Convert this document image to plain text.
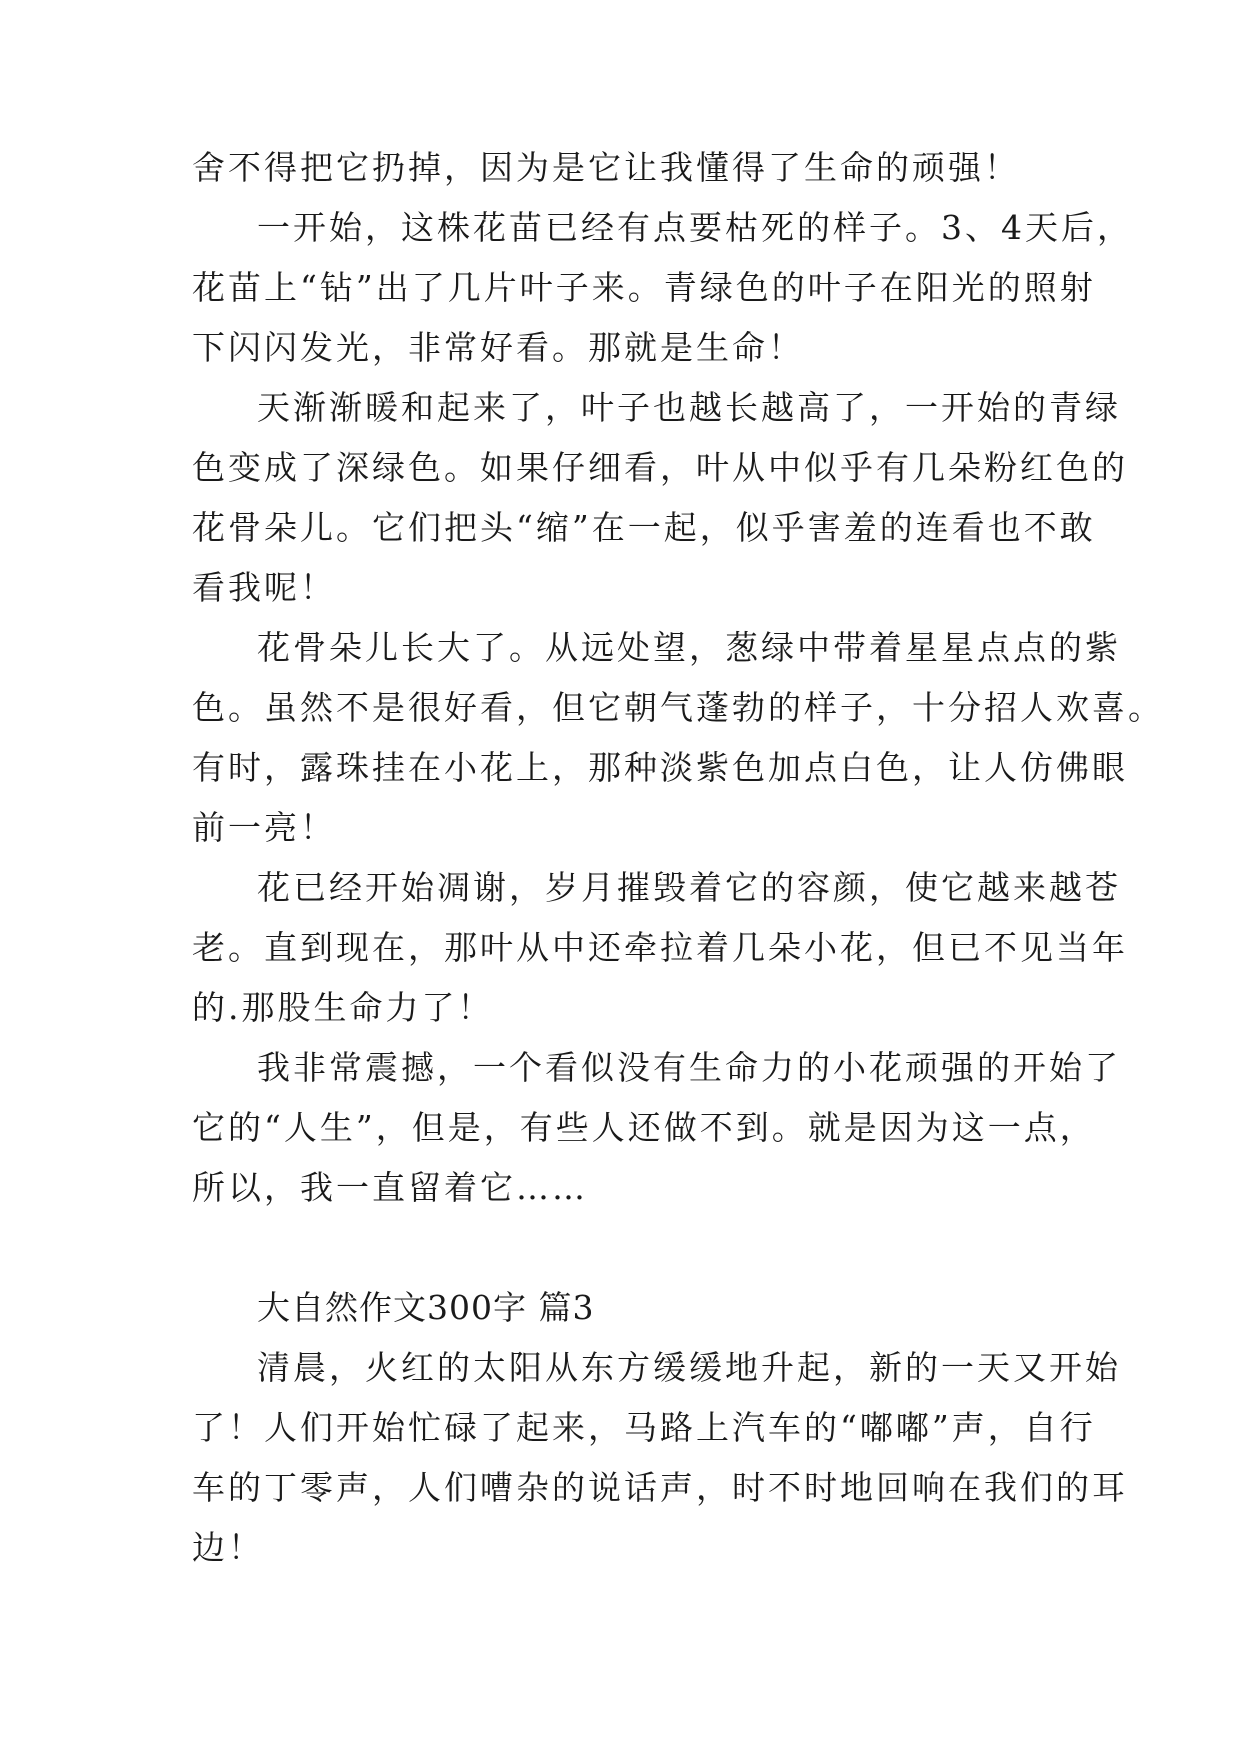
舍不得把它扔掉，因为是它让我懂得了生命的顽强！
一开始，这株花苗已经有点要枯死的样子。3、4天后，
花苗上“钻”出了几片叶子来。青绿色的叶子在阳光的照射
下闪闪发光，非常好看。那就是生命！
天渐渐暖和起来了，叶子也越长越高了，一开始的青绿
色变成了深绿色。如果仔细看，叶从中似乎有几朵粉红色的
花骨朵儿。它们把头“缩”在一起，似乎害羞的连看也不敢
看我呢！
花骨朵儿长大了。从远处望，葱绿中带着星星点点的紫
色。虽然不是很好看，但它朝气蓬勃的样子，十分招人欢喜。
有时，露珠挂在小花上，那种淡紫色加点白色，让人仿佛眼
前一亮！
花已经开始凋谢，岁月摧毁着它的容颜，使它越来越苍
老。直到现在，那叶从中还牵拉着几朵小花，但已不见当年
的.那股生命力了！
我非常震撼，一个看似没有生命力的小花顽强的开始了
它的“人生”，但是，有些人还做不到。就是因为这一点，
所以，我一直留着它……
大自然作文300字 篇3
清晨，火红的太阳从东方缓缓地升起，新的一天又开始
了！人们开始忙碌了起来，马路上汽车的“嘟嘟”声，自行
车的丁零声，人们嘈杂的说话声，时不时地回响在我们的耳
边！
